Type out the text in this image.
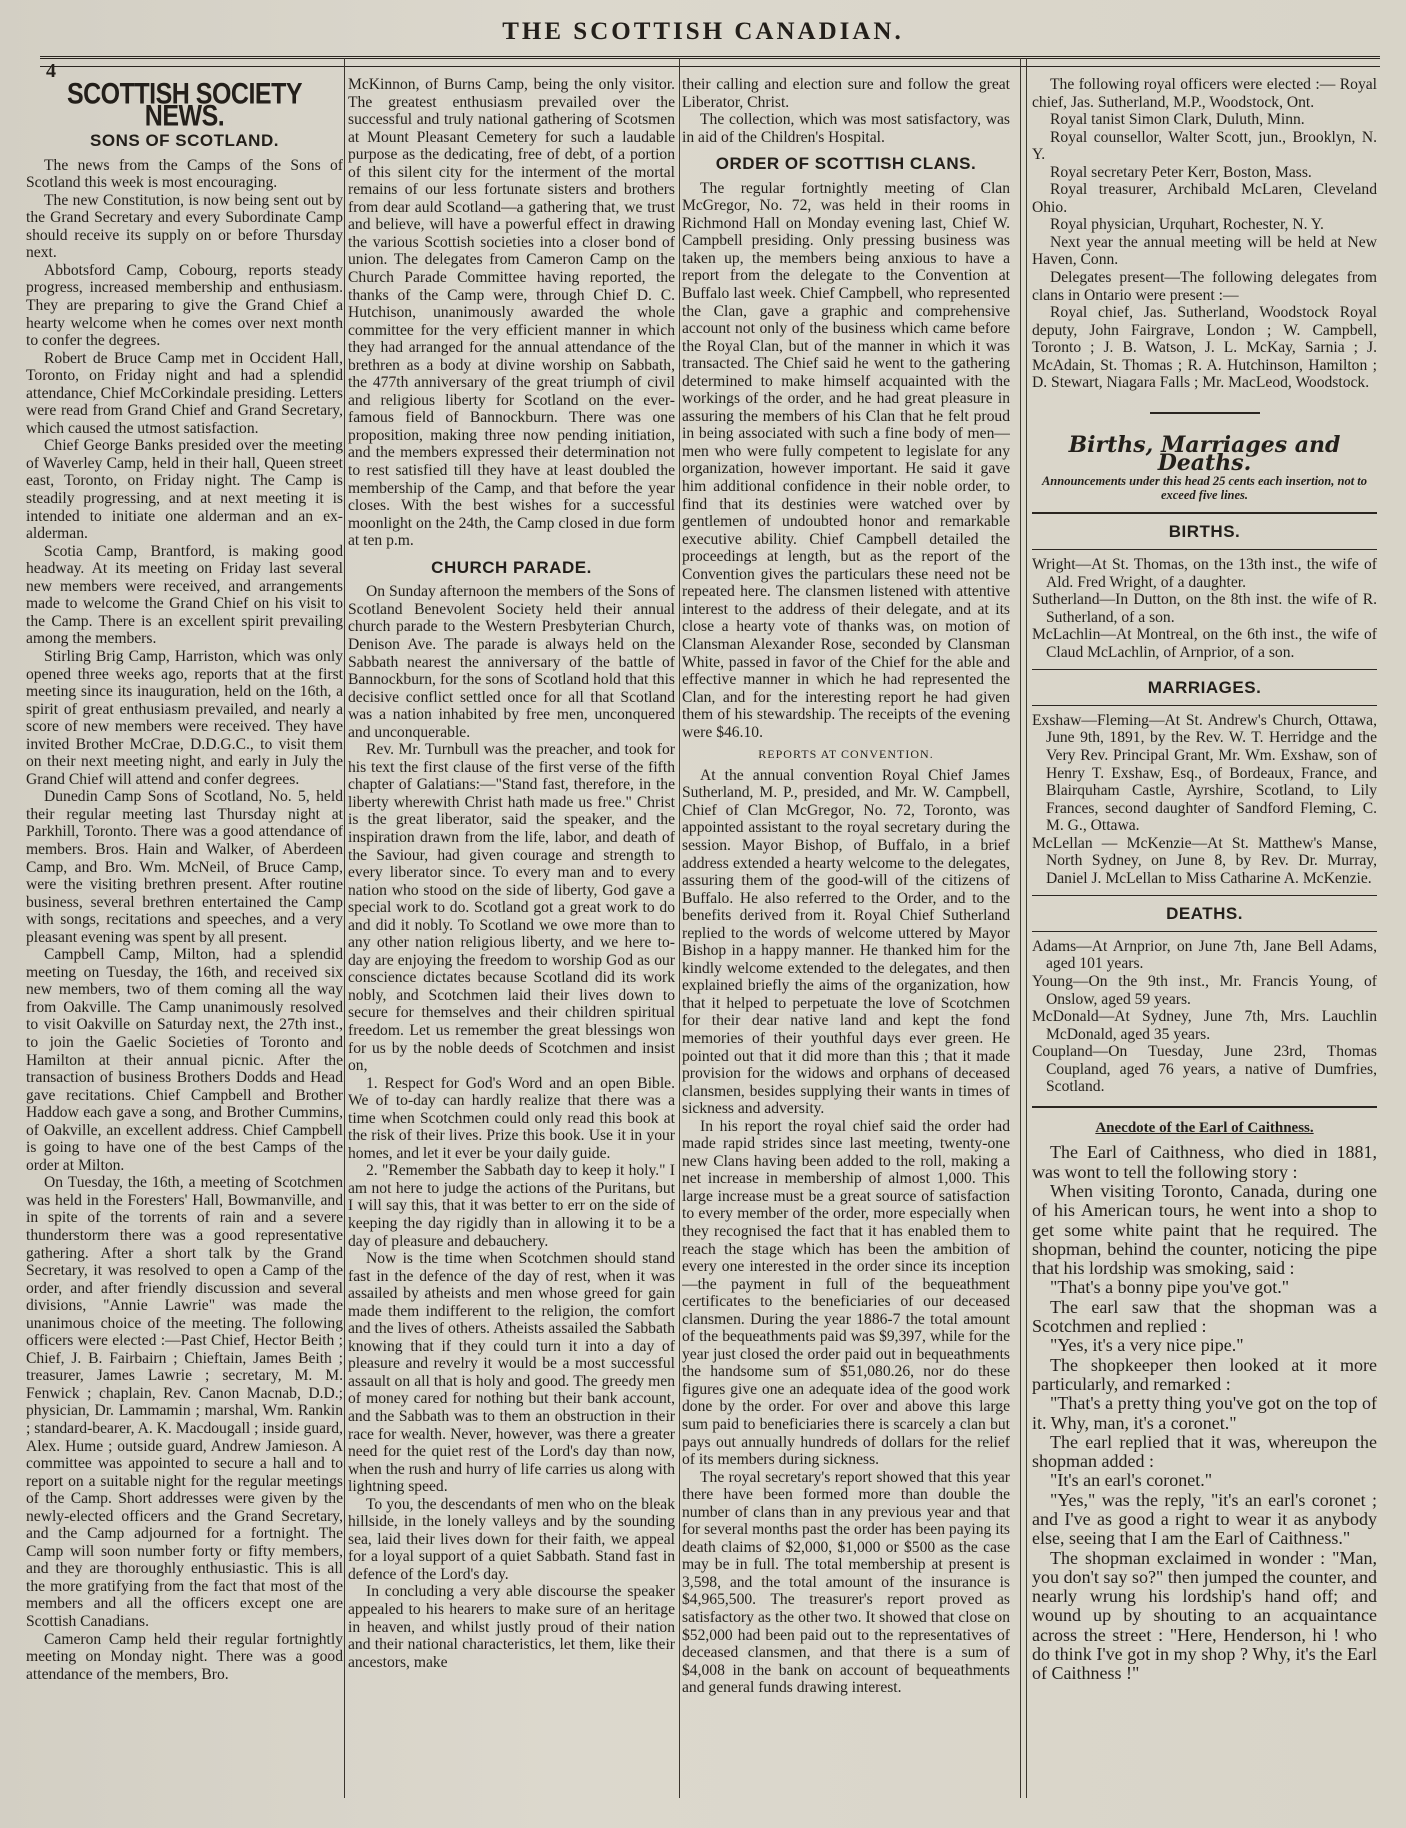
THE SCOTTISH CANADIAN.
4
SCOTTISH SOCIETY NEWS.
SONS OF SCOTLAND.

The news from the Camps of the Sons of Scotland this week is most encouraging.

The new Constitution, is now being sent out by the Grand Secretary and every Subordinate Camp should receive its supply on or before Thursday next.

Abbotsford Camp, Cobourg, reports steady progress, increased membership and enthusiasm. They are preparing to give the Grand Chief a hearty welcome when he comes over next month to confer the degrees.

Robert de Bruce Camp met in Occident Hall, Toronto, on Friday night and had a splendid attendance, Chief McCorkindale presiding. Letters were read from Grand Chief and Grand Secretary, which caused the utmost satisfaction.

Chief George Banks presided over the meeting of Waverley Camp, held in their hall, Queen street east, Toronto, on Friday night. The Camp is steadily progressing, and at next meeting it is intended to initiate one alderman and an ex-alderman.

Scotia Camp, Brantford, is making good headway. At its meeting on Friday last several new members were received, and arrangements made to welcome the Grand Chief on his visit to the Camp. There is an excellent spirit prevailing among the members.

Stirling Brig Camp, Harriston, which was only opened three weeks ago, reports that at the first meeting since its inauguration, held on the 16th, a spirit of great enthusiasm prevailed, and nearly a score of new members were received. They have invited Brother McCrae, D.D.G.C., to visit them on their next meeting night, and early in July the Grand Chief will attend and confer degrees.

Dunedin Camp Sons of Scotland, No. 5, held their regular meeting last Thursday night at Parkhill, Toronto. There was a good attendance of members. Bros. Hain and Walker, of Aberdeen Camp, and Bro. Wm. McNeil, of Bruce Camp, were the visiting brethren present. After routine business, several brethren entertained the Camp with songs, recitations and speeches, and a very pleasant evening was spent by all present.

Campbell Camp, Milton, had a splendid meeting on Tuesday, the 16th, and received six new members, two of them coming all the way from Oakville. The Camp unanimously resolved to visit Oakville on Saturday next, the 27th inst., to join the Gaelic Societies of Toronto and Hamilton at their annual picnic. After the transaction of business Brothers Dodds and Head gave recitations. Chief Campbell and Brother Haddow each gave a song, and Brother Cummins, of Oakville, an excellent address. Chief Campbell is going to have one of the best Camps of the order at Milton.

On Tuesday, the 16th, a meeting of Scotchmen was held in the Foresters' Hall, Bowmanville, and in spite of the torrents of rain and a severe thunderstorm there was a good representative gathering. After a short talk by the Grand Secretary, it was resolved to open a Camp of the order, and after friendly discussion and several divisions, "Annie Lawrie" was made the unanimous choice of the meeting. The following officers were elected :—Past Chief, Hector Beith ; Chief, J. B. Fairbairn ; Chieftain, James Beith ; treasurer, James Lawrie ; secretary, M. M. Fenwick ; chaplain, Rev. Canon Macnab, D.D.; physician, Dr. Lammamin ; marshal, Wm. Rankin ; standard-bearer, A. K. Macdougall ; inside guard, Alex. Hume ; outside guard, Andrew Jamieson. A committee was appointed to secure a hall and to report on a suitable night for the regular meetings of the Camp. Short addresses were given by the newly-elected officers and the Grand Secretary, and the Camp adjourned for a fortnight. The Camp will soon number forty or fifty members, and they are thoroughly enthusiastic. This is all the more gratifying from the fact that most of the members and all the officers except one are Scottish Canadians.

Cameron Camp held their regular fortnightly meeting on Monday night. There was a good attendance of the members, Bro.

McKinnon, of Burns Camp, being the only visitor. The greatest enthusiasm prevailed over the successful and truly national gathering of Scotsmen at Mount Pleasant Cemetery for such a laudable purpose as the dedicating, free of debt, of a portion of this silent city for the interment of the mortal remains of our less fortunate sisters and brothers from dear auld Scotland—a gathering that, we trust and believe, will have a powerful effect in drawing the various Scottish societies into a closer bond of union. The delegates from Cameron Camp on the Church Parade Committee having reported, the thanks of the Camp were, through Chief D. C. Hutchison, unanimously awarded the whole committee for the very efficient manner in which they had arranged for the annual attendance of the brethren as a body at divine worship on Sabbath, the 477th anniversary of the great triumph of civil and religious liberty for Scotland on the ever-famous field of Bannockburn. There was one proposition, making three now pending initiation, and the members expressed their determination not to rest satisfied till they have at least doubled the membership of the Camp, and that before the year closes. With the best wishes for a successful moonlight on the 24th, the Camp closed in due form at ten p.m.

CHURCH PARADE.

On Sunday afternoon the members of the Sons of Scotland Benevolent Society held their annual church parade to the Western Presbyterian Church, Denison Ave. The parade is always held on the Sabbath nearest the anniversary of the battle of Bannockburn, for the sons of Scotland hold that this decisive conflict settled once for all that Scotland was a nation inhabited by free men, unconquered and unconquerable.

Rev. Mr. Turnbull was the preacher, and took for his text the first clause of the first verse of the fifth chapter of Galatians:—"Stand fast, therefore, in the liberty wherewith Christ hath made us free." Christ is the great liberator, said the speaker, and the inspiration drawn from the life, labor, and death of the Saviour, had given courage and strength to every liberator since. To every man and to every nation who stood on the side of liberty, God gave a special work to do. Scotland got a great work to do and did it nobly. To Scotland we owe more than to any other nation religious liberty, and we here to-day are enjoying the freedom to worship God as our conscience dictates because Scotland did its work nobly, and Scotchmen laid their lives down to secure for themselves and their children spiritual freedom. Let us remember the great blessings won for us by the noble deeds of Scotchmen and insist on,

1. Respect for God's Word and an open Bible. We of to-day can hardly realize that there was a time when Scotchmen could only read this book at the risk of their lives. Prize this book. Use it in your homes, and let it ever be your daily guide.

2. "Remember the Sabbath day to keep it holy." I am not here to judge the actions of the Puritans, but I will say this, that it was better to err on the side of keeping the day rigidly than in allowing it to be a day of pleasure and debauchery.

Now is the time when Scotchmen should stand fast in the defence of the day of rest, when it was assailed by atheists and men whose greed for gain made them indifferent to the religion, the comfort and the lives of others. Atheists assailed the Sabbath knowing that if they could turn it into a day of pleasure and revelry it would be a most successful assault on all that is holy and good. The greedy men of money cared for nothing but their bank account, and the Sabbath was to them an obstruction in their race for wealth. Never, however, was there a greater need for the quiet rest of the Lord's day than now, when the rush and hurry of life carries us along with lightning speed.

To you, the descendants of men who on the bleak hillside, in the lonely valleys and by the sounding sea, laid their lives down for their faith, we appeal for a loyal support of a quiet Sabbath. Stand fast in defence of the Lord's day.

In concluding a very able discourse the speaker appealed to his hearers to make sure of an heritage in heaven, and whilst justly proud of their nation and their national characteristics, let them, like their ancestors, make

their calling and election sure and follow the great Liberator, Christ.

The collection, which was most satisfactory, was in aid of the Children's Hospital.

ORDER OF SCOTTISH CLANS.

The regular fortnightly meeting of Clan McGregor, No. 72, was held in their rooms in Richmond Hall on Monday evening last, Chief W. Campbell presiding. Only pressing business was taken up, the members being anxious to have a report from the delegate to the Convention at Buffalo last week. Chief Campbell, who represented the Clan, gave a graphic and comprehensive account not only of the business which came before the Royal Clan, but of the manner in which it was transacted. The Chief said he went to the gathering determined to make himself acquainted with the workings of the order, and he had great pleasure in assuring the members of his Clan that he felt proud in being associated with such a fine body of men—men who were fully competent to legislate for any organization, however important. He said it gave him additional confidence in their noble order, to find that its destinies were watched over by gentlemen of undoubted honor and remarkable executive ability. Chief Campbell detailed the proceedings at length, but as the report of the Convention gives the particulars these need not be repeated here. The clansmen listened with attentive interest to the address of their delegate, and at its close a hearty vote of thanks was, on motion of Clansman Alexander Rose, seconded by Clansman White, passed in favor of the Chief for the able and effective manner in which he had represented the Clan, and for the interesting report he had given them of his stewardship. The receipts of the evening were $46.10.

REPORTS AT CONVENTION.

At the annual convention Royal Chief James Sutherland, M. P., presided, and Mr. W. Campbell, Chief of Clan McGregor, No. 72, Toronto, was appointed assistant to the royal secretary during the session. Mayor Bishop, of Buffalo, in a brief address extended a hearty welcome to the delegates, assuring them of the good-will of the citizens of Buffalo. He also referred to the Order, and to the benefits derived from it. Royal Chief Sutherland replied to the words of welcome uttered by Mayor Bishop in a happy manner. He thanked him for the kindly welcome extended to the delegates, and then explained briefly the aims of the organization, how that it helped to perpetuate the love of Scotchmen for their dear native land and kept the fond memories of their youthful days ever green. He pointed out that it did more than this ; that it made provision for the widows and orphans of deceased clansmen, besides supplying their wants in times of sickness and adversity.

In his report the royal chief said the order had made rapid strides since last meeting, twenty-one new Clans having been added to the roll, making a net increase in membership of almost 1,000. This large increase must be a great source of satisfaction to every member of the order, more especially when they recognised the fact that it has enabled them to reach the stage which has been the ambition of every one interested in the order since its inception—the payment in full of the bequeathment certificates to the beneficiaries of our deceased clansmen. During the year 1886-7 the total amount of the bequeathments paid was $9,397, while for the year just closed the order paid out in bequeathments the handsome sum of $51,080.26, nor do these figures give one an adequate idea of the good work done by the order. For over and above this large sum paid to beneficiaries there is scarcely a clan but pays out annually hundreds of dollars for the relief of its members during sickness.

The royal secretary's report showed that this year there have been formed more than double the number of clans than in any previous year and that for several months past the order has been paying its death claims of $2,000, $1,000 or $500 as the case may be in full. The total membership at present is 3,598, and the total amount of the insurance is $4,965,500. The treasurer's report proved as satisfactory as the other two. It showed that close on $52,000 had been paid out to the representatives of deceased clansmen, and that there is a sum of $4,008 in the bank on account of bequeathments and general funds drawing interest.

The following royal officers were elected :— Royal chief, Jas. Sutherland, M.P., Woodstock, Ont.

Royal tanist Simon Clark, Duluth, Minn.

Royal counsellor, Walter Scott, jun., Brooklyn, N. Y.

Royal secretary Peter Kerr, Boston, Mass.

Royal treasurer, Archibald McLaren, Cleveland Ohio.

Royal physician, Urquhart, Rochester, N. Y.

Next year the annual meeting will be held at New Haven, Conn.

Delegates present—The following delegates from clans in Ontario were present :—

Royal chief, Jas. Sutherland, Woodstock Royal deputy, John Fairgrave, London ; W. Campbell, Toronto ; J. B. Watson, J. L. McKay, Sarnia ; J. McAdain, St. Thomas ; R. A. Hutchinson, Hamilton ; D. Stewart, Niagara Falls ; Mr. MacLeod, Woodstock.

Births, Marriages and Deaths.
Announcements under this head 25 cents each insertion, not to exceed five lines.
BIRTHS.

Wright—At St. Thomas, on the 13th inst., the wife of Ald. Fred Wright, of a daughter.

Sutherland—In Dutton, on the 8th inst. the wife of R. Sutherland, of a son.

McLachlin—At Montreal, on the 6th inst., the wife of Claud McLachlin, of Arnprior, of a son.

MARRIAGES.

Exshaw—Fleming—At St. Andrew's Church, Ottawa, June 9th, 1891, by the Rev. W. T. Herridge and the Very Rev. Principal Grant, Mr. Wm. Exshaw, son of Henry T. Exshaw, Esq., of Bordeaux, France, and Blairquham Castle, Ayrshire, Scotland, to Lily Frances, second daughter of Sandford Fleming, C. M. G., Ottawa.

McLellan — McKenzie—At St. Matthew's Manse, North Sydney, on June 8, by Rev. Dr. Murray, Daniel J. McLellan to Miss Catharine A. McKenzie.

DEATHS.

Adams—At Arnprior, on June 7th, Jane Bell Adams, aged 101 years.

Young—On the 9th inst., Mr. Francis Young, of Onslow, aged 59 years.

McDonald—At Sydney, June 7th, Mrs. Lauchlin McDonald, aged 35 years.

Coupland—On Tuesday, June 23rd, Thomas Coupland, aged 76 years, a native of Dumfries, Scotland.

Anecdote of the Earl of Caithness.

The Earl of Caithness, who died in 1881, was wont to tell the following story :

When visiting Toronto, Canada, during one of his American tours, he went into a shop to get some white paint that he required. The shopman, behind the counter, noticing the pipe that his lordship was smoking, said :

"That's a bonny pipe you've got."

The earl saw that the shopman was a Scotchmen and replied :

"Yes, it's a very nice pipe."

The shopkeeper then looked at it more particularly, and remarked :

"That's a pretty thing you've got on the top of it. Why, man, it's a coronet."

The earl replied that it was, whereupon the shopman added :

"It's an earl's coronet."

"Yes," was the reply, "it's an earl's coronet ; and I've as good a right to wear it as anybody else, seeing that I am the Earl of Caithness."

The shopman exclaimed in wonder : "Man, you don't say so?" then jumped the counter, and nearly wrung his lordship's hand off; and wound up by shouting to an acquaintance across the street : "Here, Henderson, hi ! who do think I've got in my shop ? Why, it's the Earl of Caithness !"
